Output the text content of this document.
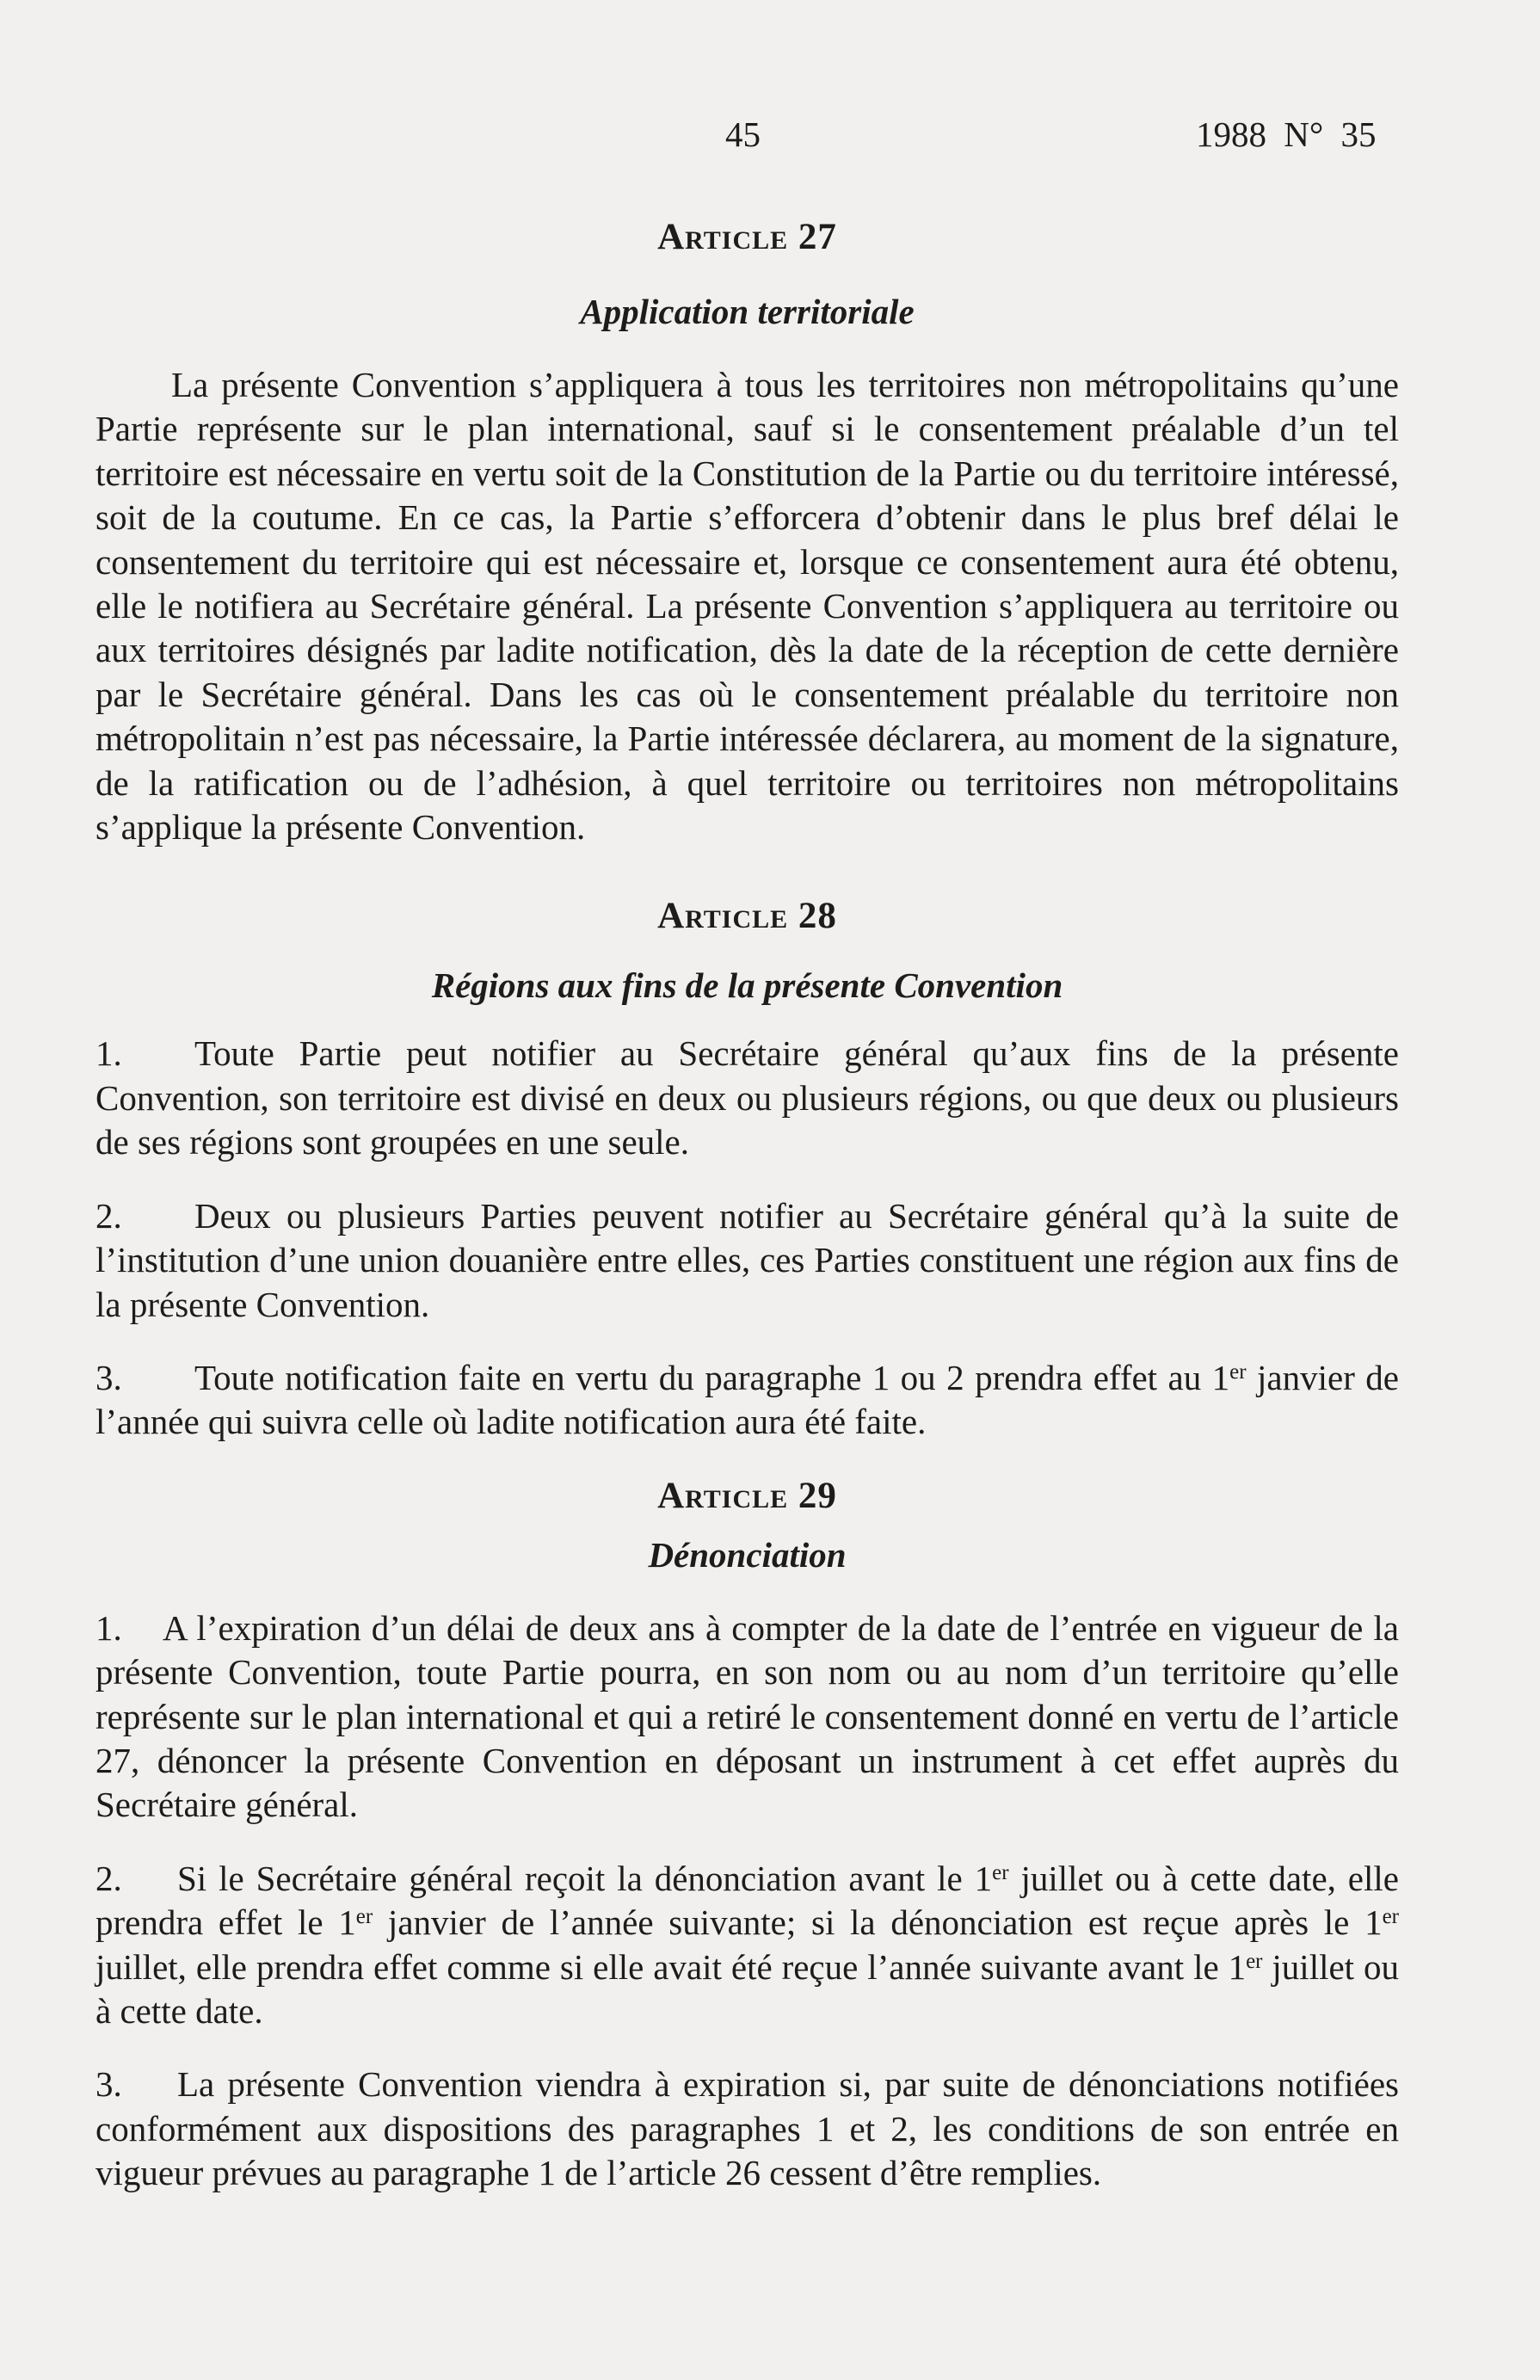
45	1988 N° 35
Article 27
Application territoriale

La présente Convention s’appliquera à tous les territoires non métropolitains qu’une Partie représente sur le plan international, sauf si le consentement préalable d’un tel territoire est nécessaire en vertu soit de la Constitution de la Partie ou du territoire intéressé, soit de la coutume. En ce cas, la Partie s’efforcera d’obtenir dans le plus bref délai le consentement du territoire qui est nécessaire et, lorsque ce consentement aura été obtenu, elle le notifiera au Secrétaire général. La présente Convention s’appliquera au territoire ou aux territoires désignés par ladite notification, dès la date de la réception de cette dernière par le Secrétaire général. Dans les cas où le consentement préalable du territoire non métropolitain n’est pas nécessaire, la Partie intéressée déclarera, au moment de la signature, de la ratification ou de l’adhésion, à quel territoire ou territoires non métropolitains s’applique la présente Convention.

Article 28
Régions aux fins de la présente Convention

1. Toute Partie peut notifier au Secrétaire général qu’aux fins de la présente Convention, son territoire est divisé en deux ou plusieurs régions, ou que deux ou plusieurs de ses régions sont groupées en une seule.

2. Deux ou plusieurs Parties peuvent notifier au Secrétaire général qu’à la suite de l’institution d’une union douanière entre elles, ces Parties constituent une région aux fins de la présente Convention.

3. Toute notification faite en vertu du paragraphe 1 ou 2 prendra effet au 1er janvier de l’année qui suivra celle où ladite notification aura été faite.

Article 29
Dénonciation

1. A l’expiration d’un délai de deux ans à compter de la date de l’entrée en vigueur de la présente Convention, toute Partie pourra, en son nom ou au nom d’un territoire qu’elle représente sur le plan international et qui a retiré le consentement donné en vertu de l’article 27, dénoncer la présente Convention en déposant un instrument à cet effet auprès du Secrétaire général.

2. Si le Secrétaire général reçoit la dénonciation avant le 1er juillet ou à cette date, elle prendra effet le 1er janvier de l’année suivante; si la dénonciation est reçue après le 1er juillet, elle prendra effet comme si elle avait été reçue l’année suivante avant le 1er juillet ou à cette date.

3. La présente Convention viendra à expiration si, par suite de dénonciations notifiées conformément aux dispositions des paragraphes 1 et 2, les conditions de son entrée en vigueur prévues au paragraphe 1 de l’article 26 cessent d’être remplies.
